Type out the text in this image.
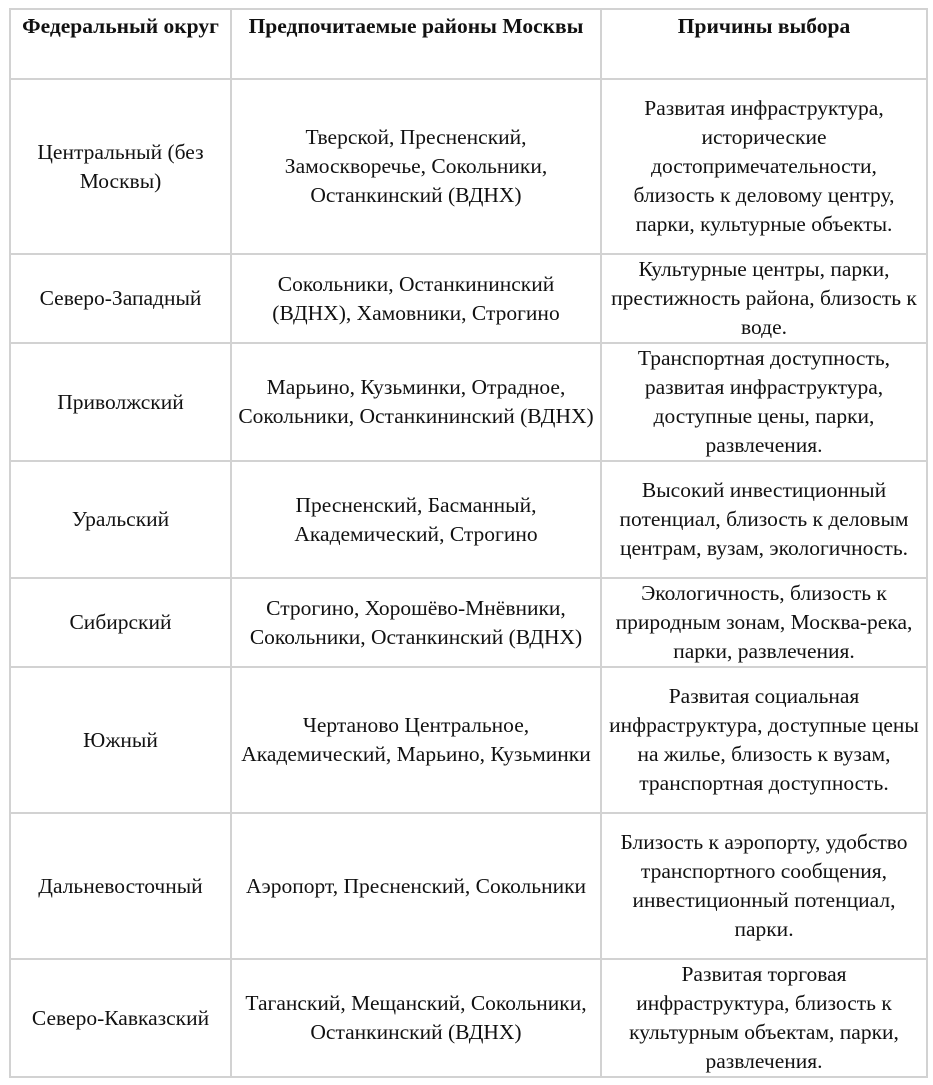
Федеральный округ	Предпочитаемые районы Москвы	Причины выбора
Центральный (без Москвы)	Тверской, Пресненский, Замоскворечье, Сокольники, Останкинский (ВДНХ)	Развитая инфраструктура, исторические достопримечательности, близость к деловому центру, парки, культурные объекты.
Северо-Западный	Сокольники, Останкининский (ВДНХ), Хамовники, Строгино	Культурные центры, парки, престижность района, близость к воде.
Приволжский	Марьино, Кузьминки, Отрадное, Сокольники, Останкининский (ВДНХ)	Транспортная доступность, развитая инфраструктура, доступные цены, парки, развлечения.
Уральский	Пресненский, Басманный, Академический, Строгино	Высокий инвестиционный потенциал, близость к деловым центрам, вузам, экологичность.
Сибирский	Строгино, Хорошёво-Мнёвники, Сокольники, Останкинский (ВДНХ)	Экологичность, близость к природным зонам, Москва-река, парки, развлечения.
Южный	Чертаново Центральное, Академический, Марьино, Кузьминки	Развитая социальная инфраструктура, доступные цены на жилье, близость к вузам, транспортная доступность.
Дальневосточный	Аэропорт, Пресненский, Сокольники	Близость к аэропорту, удобство транспортного сообщения, инвестиционный потенциал, парки.
Северо-Кавказский	Таганский, Мещанский, Сокольники, Останкинский (ВДНХ)	Развитая торговая инфраструктура, близость к культурным объектам, парки, развлечения.
